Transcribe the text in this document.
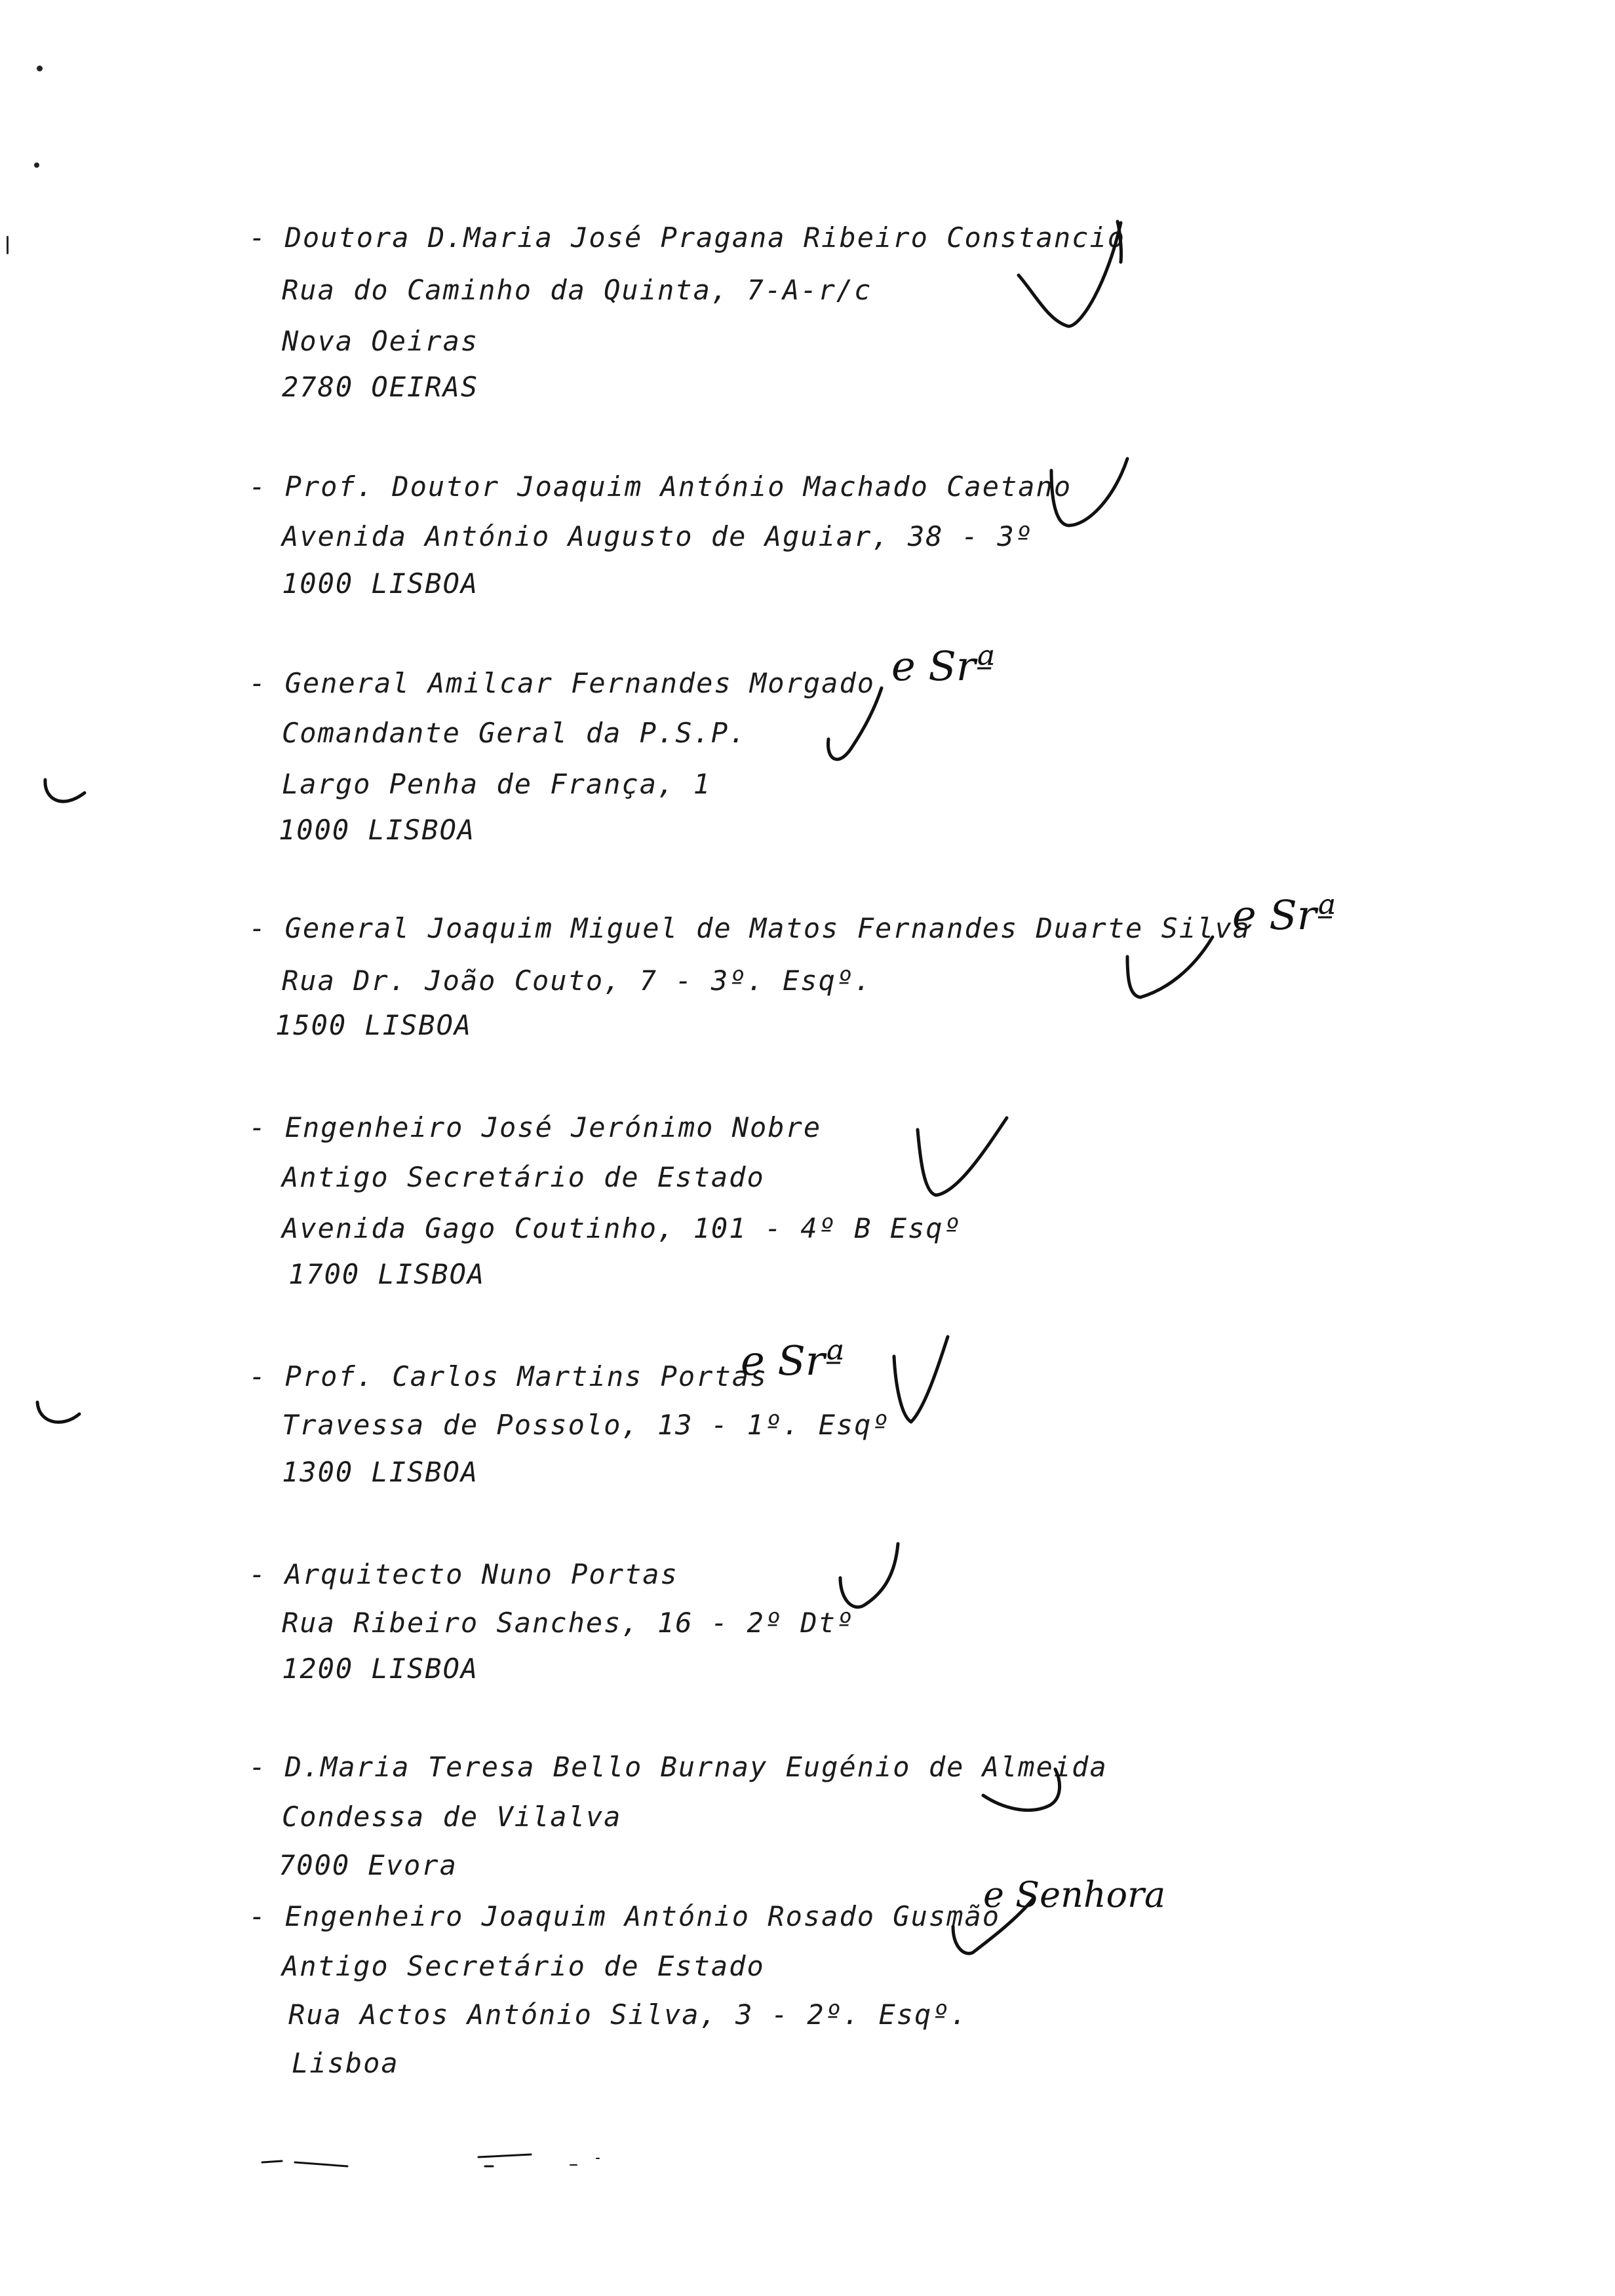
- Doutora D.Maria José Pragana Ribeiro Constancio
Rua do Caminho da Quinta, 7-A-r/c
Nova Oeiras
2780 OEIRAS
- Prof. Doutor Joaquim António Machado Caetano
Avenida António Augusto de Aguiar, 38 - 3º
1000 LISBOA
- General Amilcar Fernandes Morgado
Comandante Geral da P.S.P.
Largo Penha de França, 1
1000 LISBOA
- General Joaquim Miguel de Matos Fernandes Duarte Silva
Rua Dr. João Couto, 7 - 3º. Esqº.
1500 LISBOA
- Engenheiro José Jerónimo Nobre
Antigo Secretário de Estado
Avenida Gago Coutinho, 101 - 4º B Esqº
1700 LISBOA
- Prof. Carlos Martins Portas
Travessa de Possolo, 13 - 1º. Esqº
1300 LISBOA
- Arquitecto Nuno Portas
Rua Ribeiro Sanches, 16 - 2º Dtº
1200 LISBOA
- D.Maria Teresa Bello Burnay Eugénio de Almeida
Condessa de Vilalva
7000 Evora
- Engenheiro Joaquim António Rosado Gusmão
Antigo Secretário de Estado
Rua Actos António Silva, 3 - 2º. Esqº.
Lisboa
e Srª
e Srª
e Srª
e Senhora
